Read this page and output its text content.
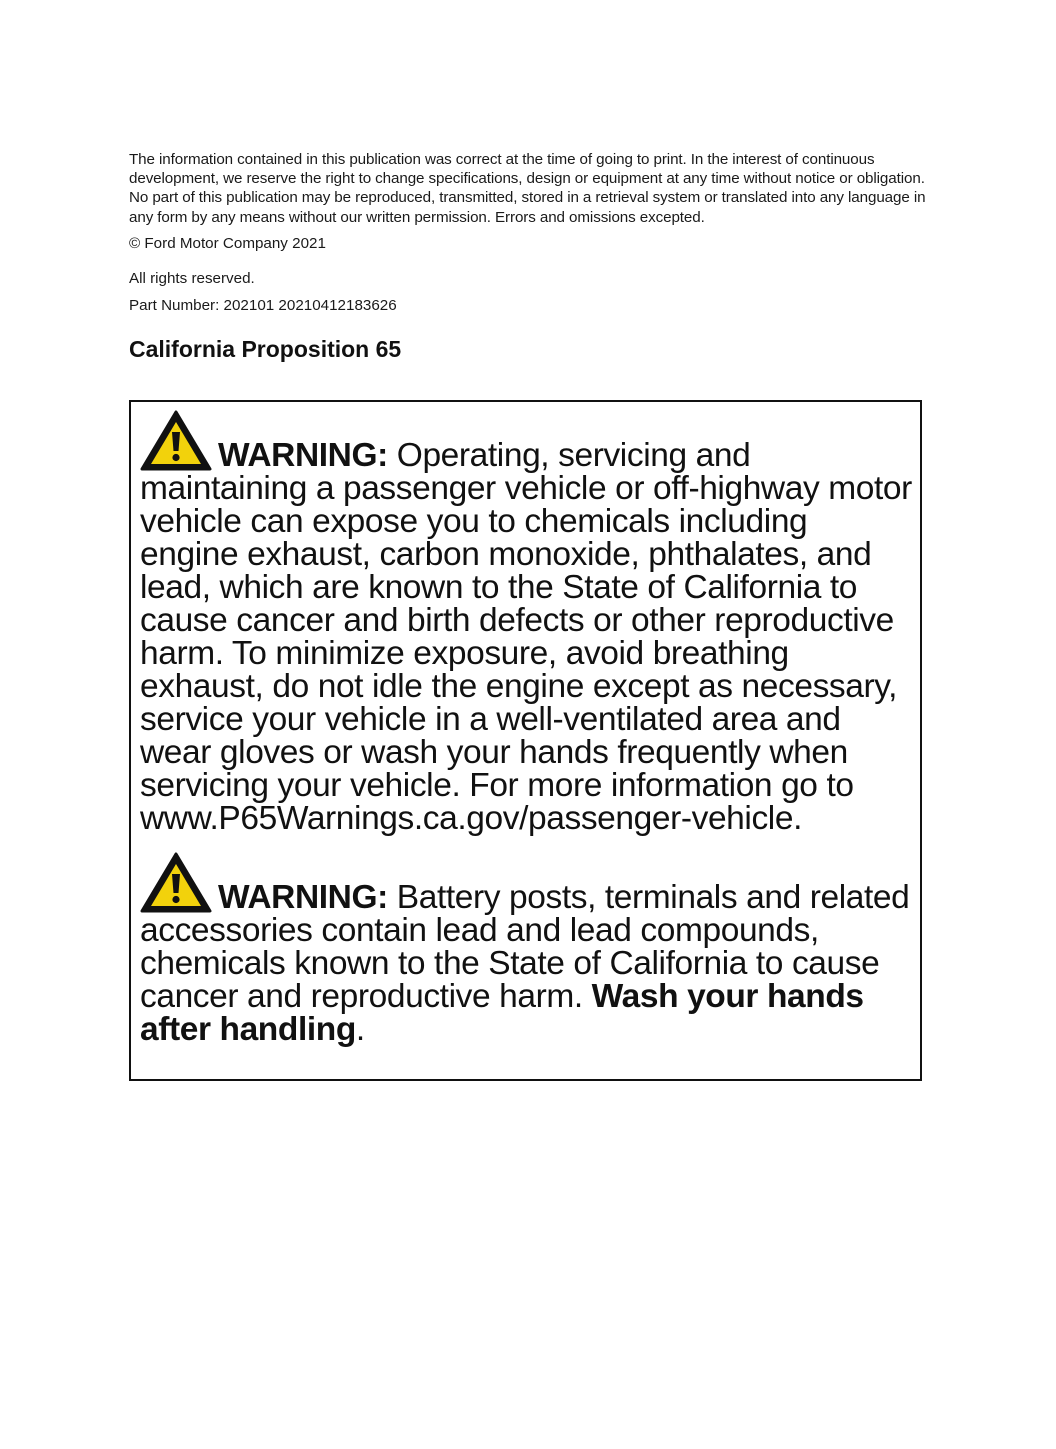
The information contained in this publication was correct at the time of going to print. In the interest of continuous development, we reserve the right to change specifications, design or equipment at any time without notice or obligation. No part of this publication may be reproduced, transmitted, stored in a retrieval system or translated into any language in any form by any means without our written permission. Errors and omissions excepted.

© Ford Motor Company 2021

All rights reserved.

Part Number: 202101 20210412183626

California Proposition 65
WARNING: Operating, servicing and maintaining a passenger vehicle or off-highway motor vehicle can expose you to chemicals including engine exhaust, carbon monoxide, phthalates, and lead, which are known to the State of California to cause cancer and birth defects or other reproductive harm. To minimize exposure, avoid breathing exhaust, do not idle the engine except as necessary, service your vehicle in a well-ventilated area and wear gloves or wash your hands frequently when servicing your vehicle. For more information go to www.P65Warnings.ca.gov/passenger-vehicle.
WARNING: Battery posts, terminals and related accessories contain lead and lead compounds, chemicals known to the State of California to cause cancer and reproductive harm. Wash your hands after handling.
